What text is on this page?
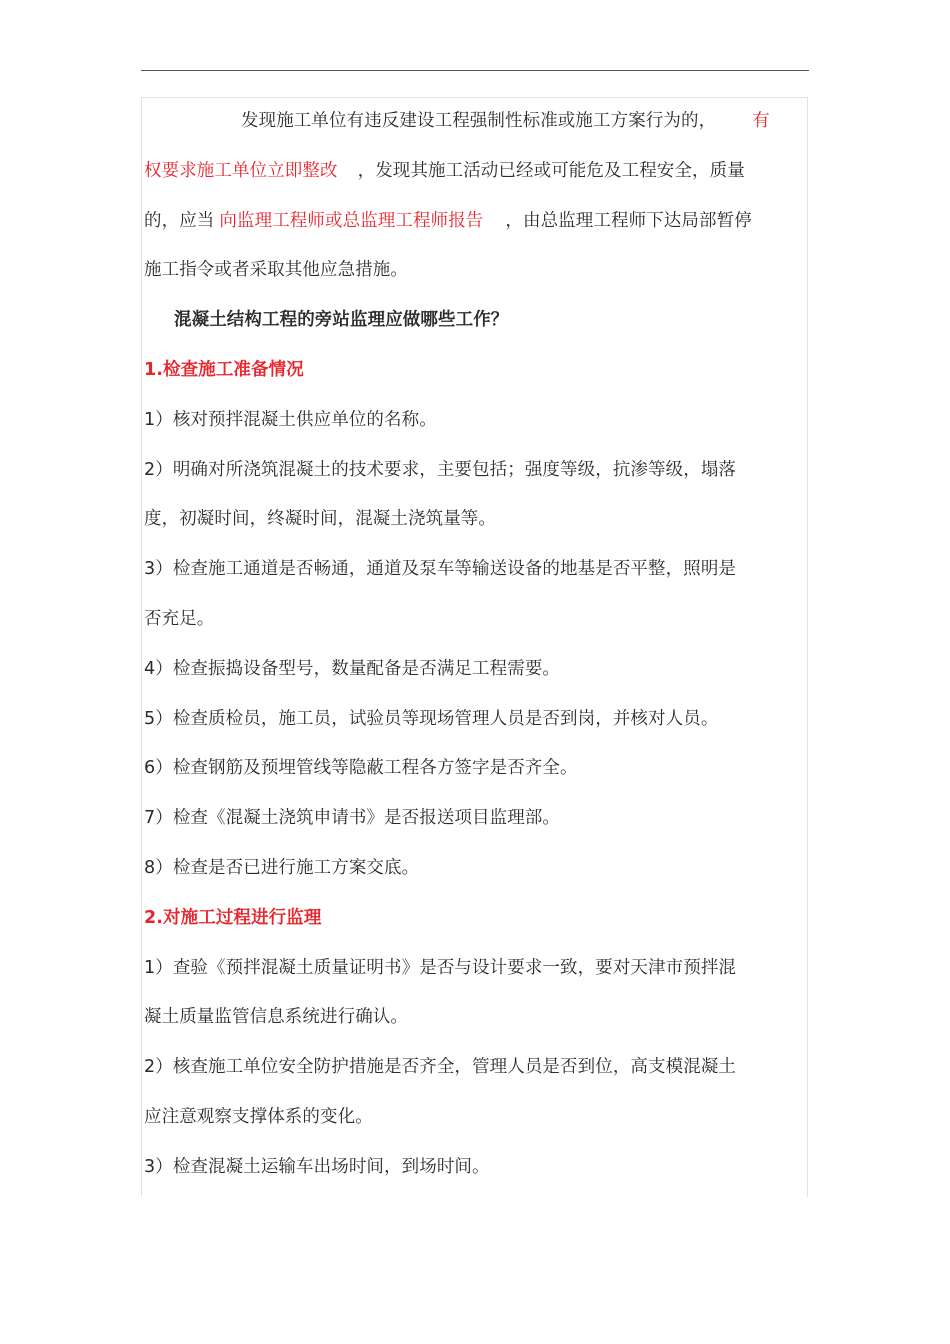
发现施工单位有违反建设工程强制性标准或施工方案行为的， 有
权要求施工单位立即整改 ，发现其施工活动已经或可能危及工程安全，质量
的，应当 向监理工程师或总监理工程师报告 ，由总监理工程师下达局部暂停
施工指令或者采取其他应急措施。
混凝土结构工程的旁站监理应做哪些工作？
1.检查施工准备情况
1）核对预拌混凝土供应单位的名称。
2）明确对所浇筑混凝土的技术要求，主要包括；强度等级，抗渗等级，塌落
度，初凝时间，终凝时间，混凝土浇筑量等。
3）检查施工通道是否畅通，通道及泵车等输送设备的地基是否平整，照明是
否充足。
4）检查振捣设备型号，数量配备是否满足工程需要。
5）检查质检员，施工员，试验员等现场管理人员是否到岗，并核对人员。
6）检查钢筋及预埋管线等隐蔽工程各方签字是否齐全。
7）检查《混凝土浇筑申请书》是否报送项目监理部。
8）检查是否已进行施工方案交底。
2.对施工过程进行监理
1）查验《预拌混凝土质量证明书》是否与设计要求一致，要对天津市预拌混
凝土质量监管信息系统进行确认。
2）核查施工单位安全防护措施是否齐全，管理人员是否到位，高支模混凝土
应注意观察支撑体系的变化。
3）检查混凝土运输车出场时间，到场时间。
